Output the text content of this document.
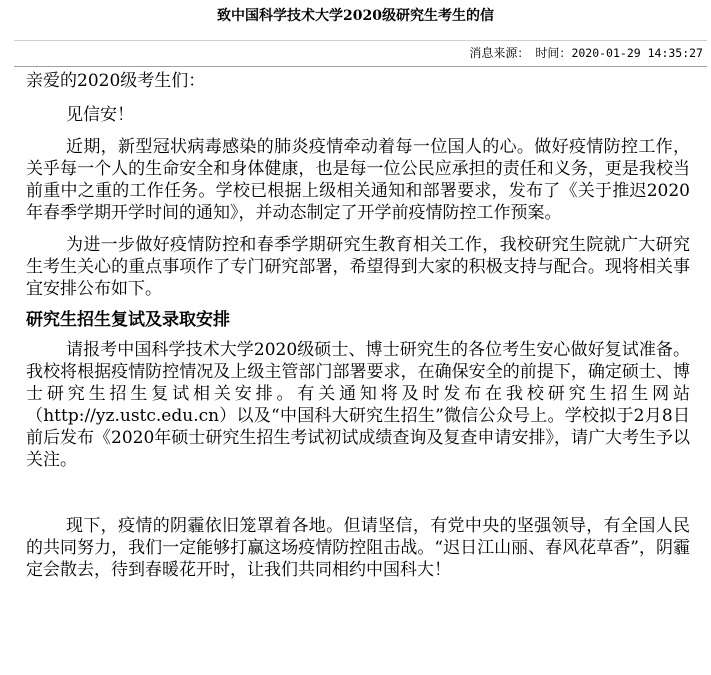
致中国科学技术大学2020级研究生考生的信
消息来源： 时间：2020-01-29 14:35:27

亲爱的2020级考生们：

见信安！

近期，新型冠状病毒感染的肺炎疫情牵动着每一位国人的心。做好疫情防控工作，关乎每一个人的生命安全和身体健康，也是每一位公民应承担的责任和义务，更是我校当前重中之重的工作任务。学校已根据上级相关通知和部署要求，发布了《关于推迟2020年春季学期开学时间的通知》，并动态制定了开学前疫情防控工作预案。

为进一步做好疫情防控和春季学期研究生教育相关工作，我校研究生院就广大研究生考生关心的重点事项作了专门研究部署，希望得到大家的积极支持与配合。现将相关事宜安排公布如下。

研究生招生复试及录取安排

请报考中国科学技术大学2020级硕士、博士研究生的各位考生安心做好复试准备。我校将根据疫情防控情况及上级主管部门部署要求，在确保安全的前提下，确定硕士、博士研究生招生复试相关安排。有关通知将及时发布在我校研究生招生网站（http://yz.ustc.edu.cn）以及“中国科大研究生招生”微信公众号上。学校拟于2月8日前后发布《2020年硕士研究生招生考试初试成绩查询及复查申请安排》，请广大考生予以关注。

现下，疫情的阴霾依旧笼罩着各地。但请坚信，有党中央的坚强领导，有全国人民的共同努力，我们一定能够打赢这场疫情防控阻击战。“迟日江山丽、春风花草香”，阴霾定会散去，待到春暖花开时，让我们共同相约中国科大！
